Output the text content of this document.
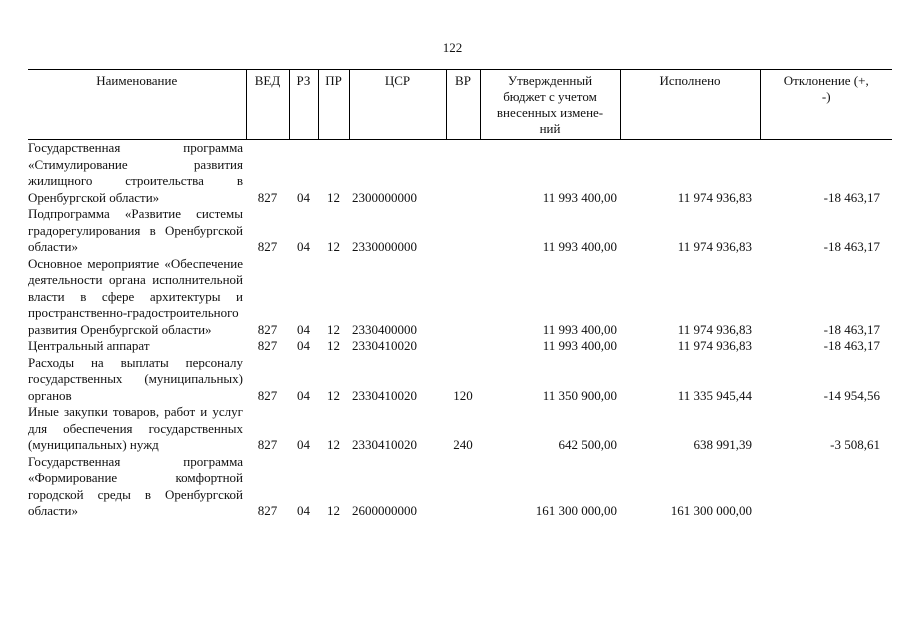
122
Наименование	ВЕД	РЗ	ПР	ЦСР	ВР	Утвержденный бюджет с учетом внесенных измене- ний	Исполнено	Отклонение (+, -)
Государственная программа «Стимулирование развития жилищного строительства в Оренбургской области»	827	04	12	2300000000		11 993 400,00	11 974 936,83	-18 463,17
Подпрограмма «Развитие системы градорегулирования в Оренбургской области»	827	04	12	2330000000		11 993 400,00	11 974 936,83	-18 463,17
Основное мероприятие «Обеспечение деятельности органа исполнительной власти в сфере архитектуры и пространственно-градостроительного развития Оренбургской области»	827	04	12	2330400000		11 993 400,00	11 974 936,83	-18 463,17
Центральный аппарат	827	04	12	2330410020		11 993 400,00	11 974 936,83	-18 463,17
Расходы на выплаты персоналу государственных (муниципальных) органов	827	04	12	2330410020	120	11 350 900,00	11 335 945,44	-14 954,56
Иные закупки товаров, работ и услуг для обеспечения государственных (муниципальных) нужд	827	04	12	2330410020	240	642 500,00	638 991,39	-3 508,61
Государственная программа «Формирование комфортной городской среды в Оренбургской области»	827	04	12	2600000000		161 300 000,00	161 300 000,00	
